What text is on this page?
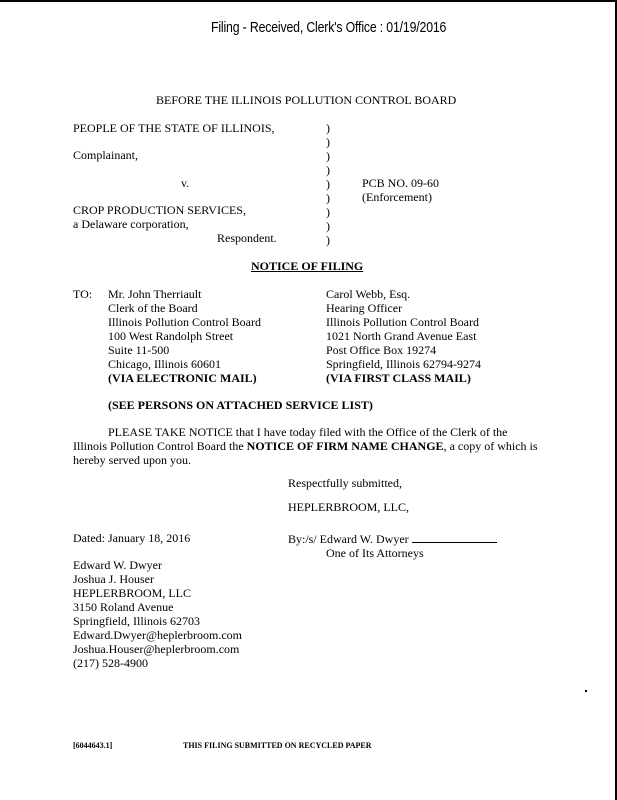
Filing - Received, Clerk's Office : 01/19/2016
BEFORE THE ILLINOIS POLLUTION CONTROL BOARD
PEOPLE OF THE STATE OF ILLINOIS,
Complainant,
v.
CROP PRODUCTION SERVICES,
a Delaware corporation,
Respondent.
)
)
)
)
)
)
)
)
)
PCB NO. 09-60
(Enforcement)
NOTICE OF FILING
TO: Mr. John Therriault
Clerk of the Board
Illinois Pollution Control Board
100 West Randolph Street
Suite 11-500
Chicago, Illinois 60601
(VIA ELECTRONIC MAIL)
Carol Webb, Esq.
Hearing Officer
Illinois Pollution Control Board
1021 North Grand Avenue East
Post Office Box 19274
Springfield, Illinois 62794-9274
(VIA FIRST CLASS MAIL)
(SEE PERSONS ON ATTACHED SERVICE LIST)
PLEASE TAKE NOTICE that I have today filed with the Office of the Clerk of the Illinois Pollution Control Board the NOTICE OF FIRM NAME CHANGE, a copy of which is hereby served upon you.
Respectfully submitted,
HEPLERBROOM, LLC,
Dated: January 18, 2016	By:/s/ Edward W. Dwyer
One of Its Attorneys
Edward W. Dwyer
Joshua J. Houser
HEPLERBROOM, LLC
3150 Roland Avenue
Springfield, Illinois 62703
Edward.Dwyer@heplerbroom.com
Joshua.Houser@heplerbroom.com
(217) 528-4900
[6044643.1]	THIS FILING SUBMITTED ON RECYCLED PAPER
